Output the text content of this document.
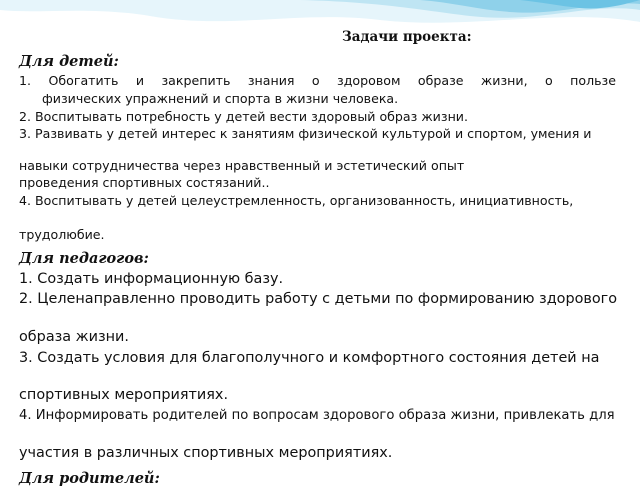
Задачи проекта:
Для детей:
1. Обогатить и закрепить знания о здоровом образе жизни, о пользе
физических упражнений и спорта в жизни человека.
2. Воспитывать потребность у детей вести здоровый образ жизни.
3. Развивать у детей интерес к занятиям физической культурой и спортом, умения и
навыки сотрудничества через нравственный и эстетический опыт
проведения спортивных состязаний..
4. Воспитывать у детей целеустремленность, организованность, инициативность,
трудолюбие.
Для педагогов:
1. Создать информационную базу.
2. Целенаправленно проводить работу с детьми по формированию здорового
образа жизни.
3. Создать условия для благополучного и комфортного состояния детей на
спортивных мероприятиях.
4. Информировать родителей по вопросам здорового образа жизни, привлекать для
участия в различных спортивных мероприятиях.
Для родителей:
